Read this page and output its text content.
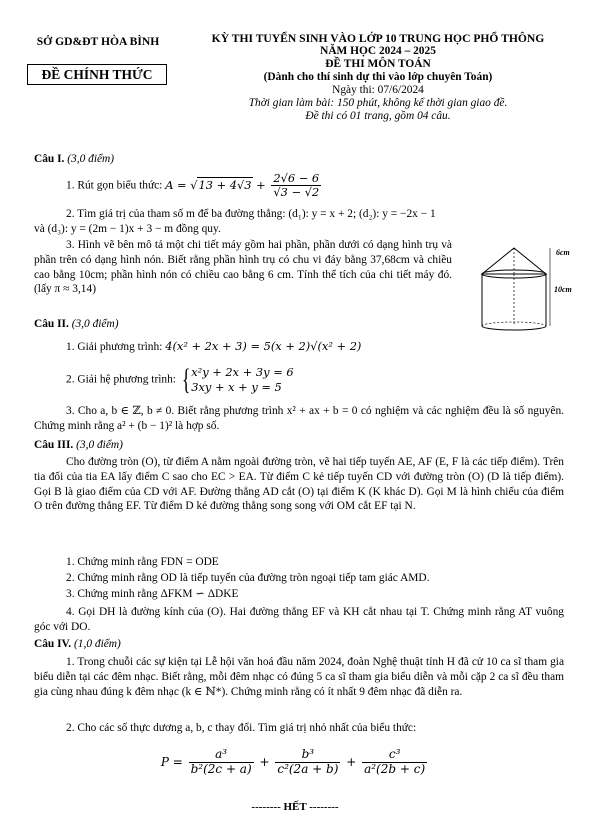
SỞ GD&ĐT HÒA BÌNH
ĐỀ CHÍNH THỨC
KỲ THI TUYỂN SINH VÀO LỚP 10 TRUNG HỌC PHỔ THÔNG
NĂM HỌC 2024 – 2025
ĐỀ THI MÔN TOÁN
(Dành cho thí sinh dự thi vào lớp chuyên Toán)
Ngày thi: 07/6/2024
Thời gian làm bài: 150 phút, không kể thời gian giao đề.
Đề thi có 01 trang, gồm 04 câu.
Câu I. (3,0 điểm)
1. Rút gọn biểu thức: $A = √13 + 4√3 + \frac{2√6 - 6}{√3 - √2}$
2. Tìm giá trị của tham số m để ba đường thẳng: (d₁): y = x + 2; (d₂): y = −2x − 1
và (d₃): y = (2m − 1)x + 3 − m đồng quy.
3. Hình vẽ bên mô tả một chi tiết máy gồm hai phần, phần dưới có dạng hình trụ và phần trên có dạng hình nón. Biết rằng phần hình trụ có chu vi đáy bằng 37,68cm và chiều cao bằng 10cm; phần hình nón có chiều cao bằng 6 cm. Tính thể tích của chi tiết máy đó. (lấy π ≈ 3,14)
6cm
10cm
Câu II. (3,0 điểm)
1. Giải phương trình: 4(x² + 2x + 3) = 5(x + 2)√(x² + 2)
2. Giải hệ phương trình: { x²y + 2x + 3y = 6
3xy + x + y = 5
3. Cho a, b ∈ ℤ, b ≠ 0. Biết rằng phương trình x² + ax + b = 0 có nghiệm và các nghiệm đều là số nguyên. Chứng minh rằng a² + (b − 1)² là hợp số.
Câu III. (3,0 điểm)
Cho đường tròn (O), từ điểm A nằm ngoài đường tròn, vẽ hai tiếp tuyến AE, AF (E, F là các tiếp điểm). Trên tia đối của tia EA lấy điểm C sao cho EC > EA. Từ điểm C kẻ tiếp tuyến CD với đường tròn (O) (D là tiếp điểm). Gọi B là giao điểm của CD với AF. Đường thẳng AD cắt (O) tại điểm K (K khác D). Gọi M là hình chiếu của điểm O trên đường thẳng EF. Từ điểm D kẻ đường thẳng song song với OM cắt EF tại N.
1. Chứng minh rằng FDN = ODE
2. Chứng minh rằng OD là tiếp tuyến của đường tròn ngoại tiếp tam giác AMD.
3. Chứng minh rằng ΔFKM ∽ ΔDKE
4. Gọi DH là đường kính của (O). Hai đường thẳng EF và KH cắt nhau tại T. Chứng minh rằng AT vuông góc với DO.
Câu IV. (1,0 điểm)
1. Trong chuỗi các sự kiện tại Lễ hội văn hoá đầu năm 2024, đoàn Nghệ thuật tỉnh H đã cử 10 ca sĩ tham gia biểu diễn tại các đêm nhạc. Biết rằng, mỗi đêm nhạc có đúng 5 ca sĩ tham gia biểu diễn và mỗi cặp 2 ca sĩ đều tham gia cùng nhau đúng k đêm nhạc (k ∈ ℕ*). Chứng minh rằng có ít nhất 9 đêm nhạc đã diễn ra.
2. Cho các số thực dương a, b, c thay đổi. Tìm giá trị nhỏ nhất của biểu thức:
$P = \frac{\text{a³}}{\text{b²(2c + a)}} + \frac{\text{b³}}{\text{c²(2a + b)}} + \frac{\text{c³}}{\text{a²(2b + c)}}$
-------- HẾT --------
